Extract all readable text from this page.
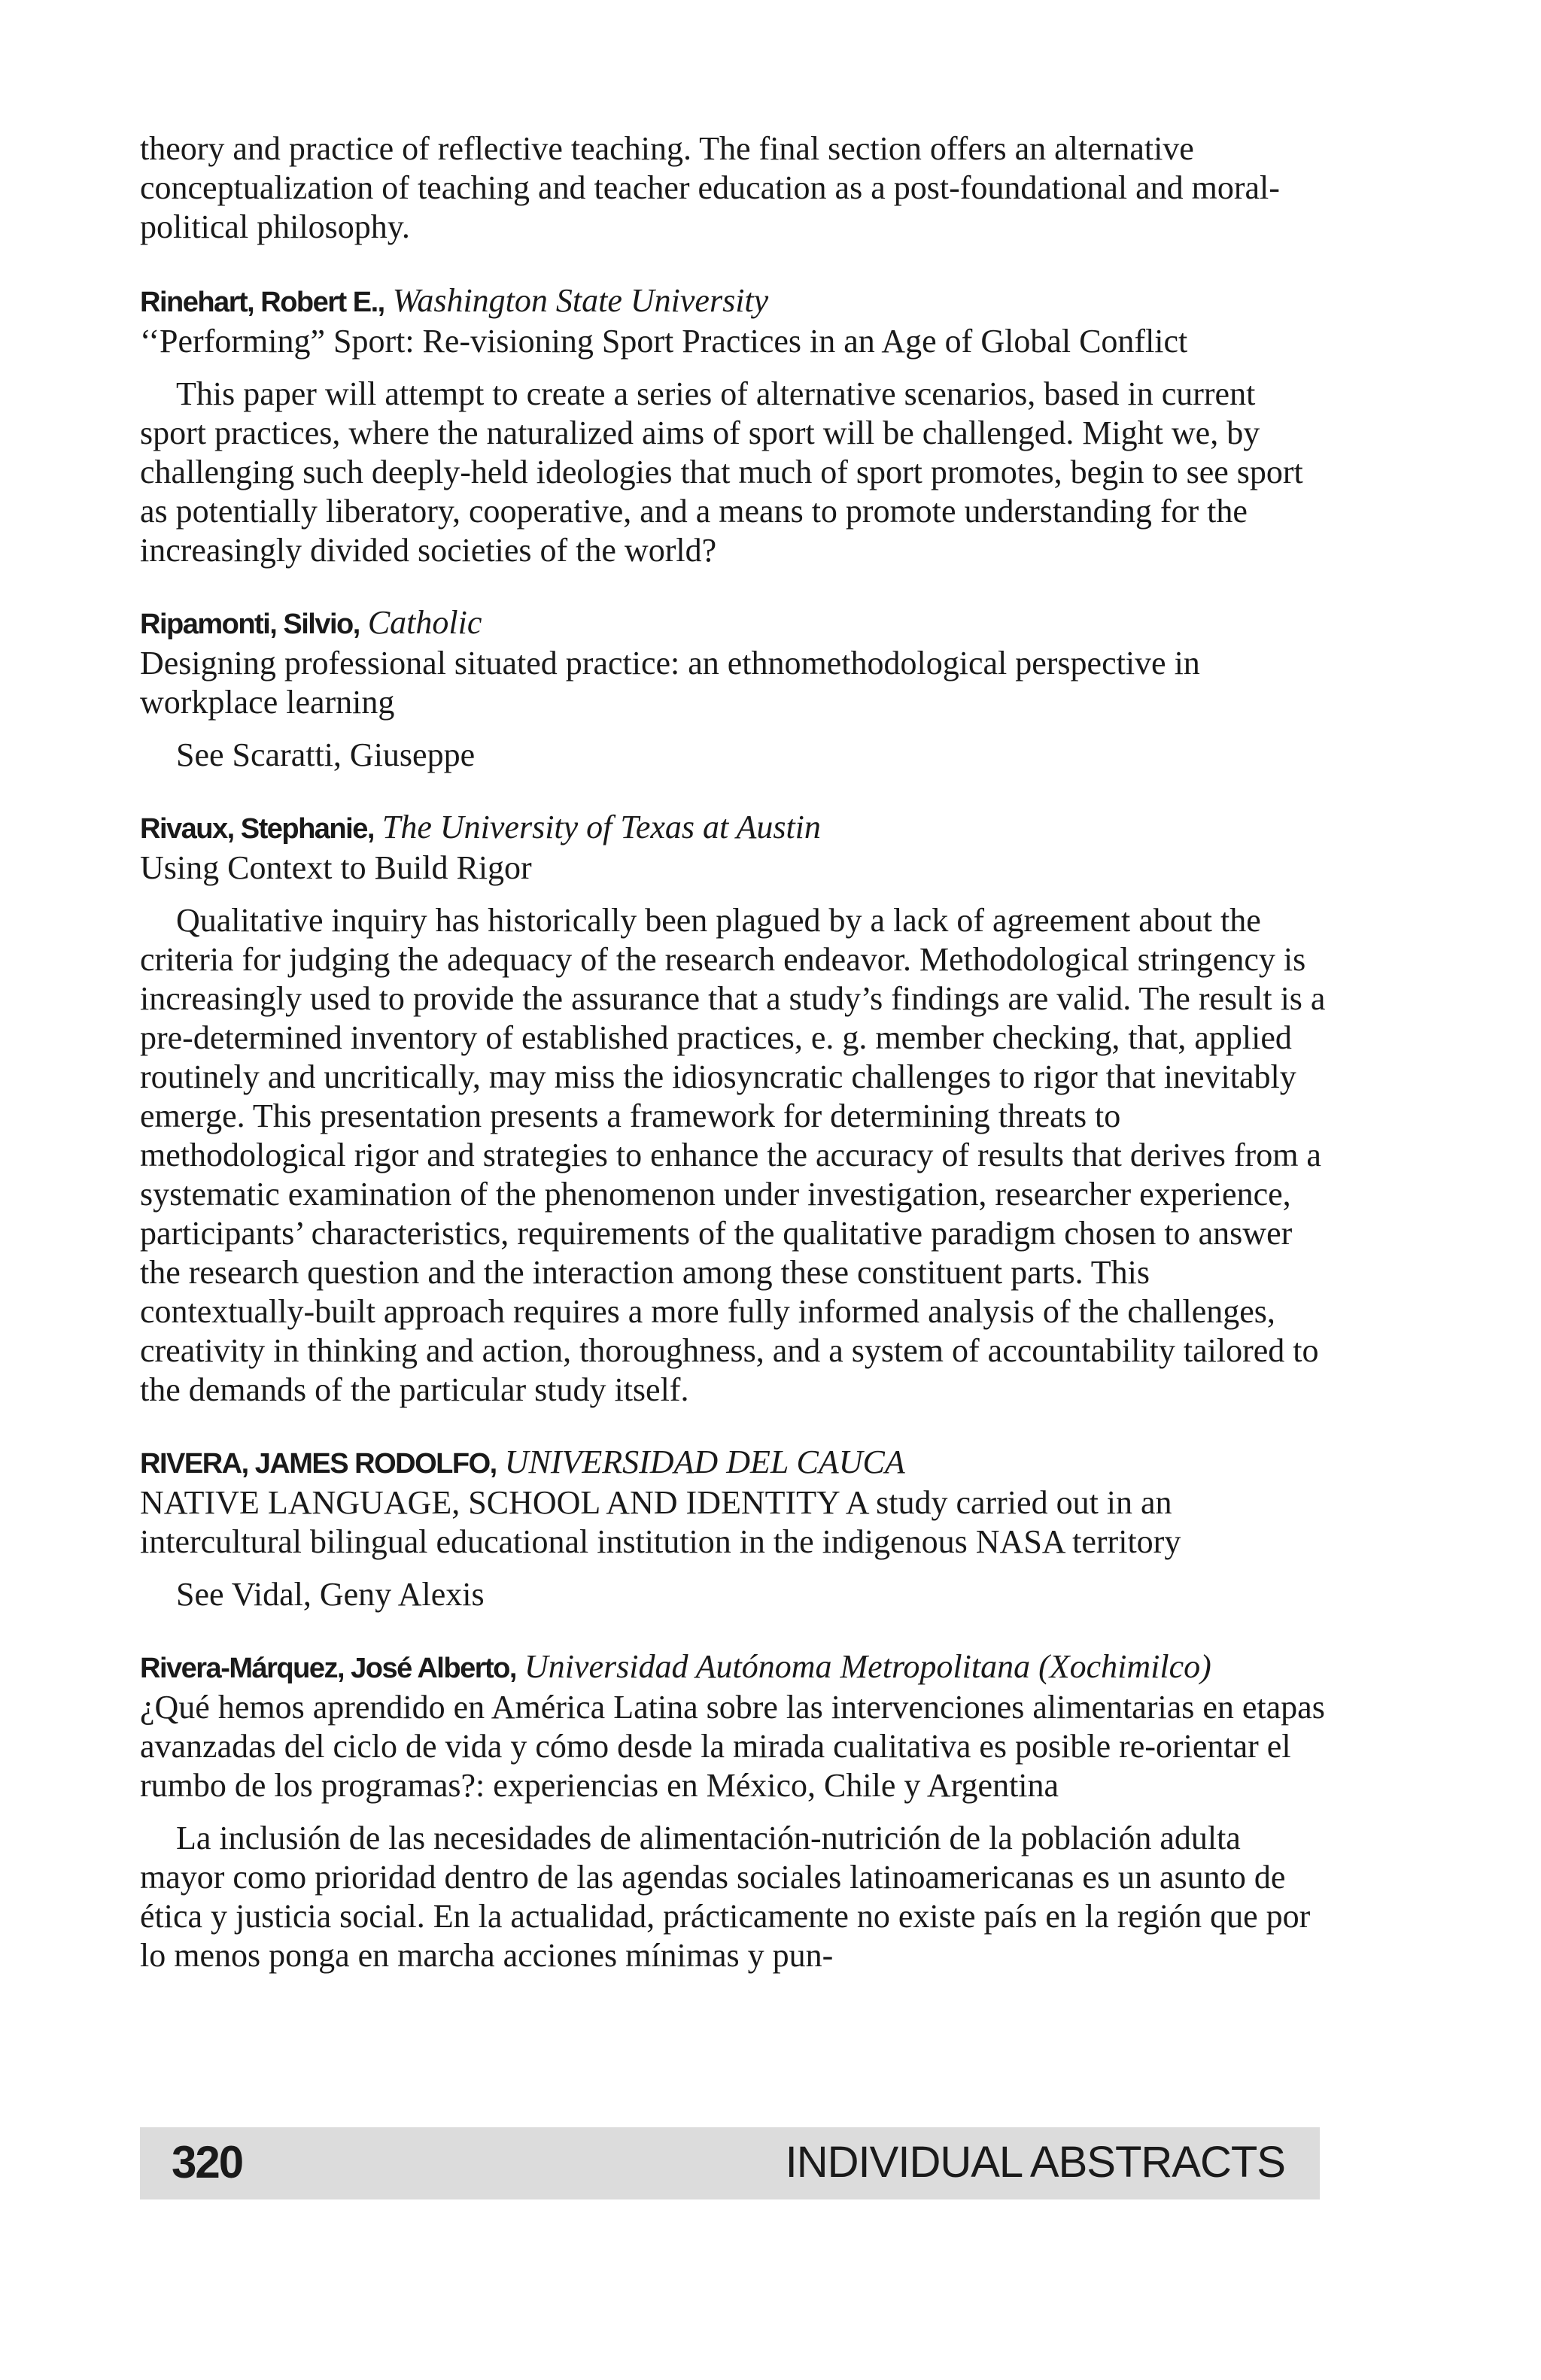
theory and practice of reflective teaching. The final section offers an alternative conceptualization of teaching and teacher education as a post-foundational and moral-political philosophy.

Rinehart, Robert E., Washington State University

‘‘Performing” Sport: Re-visioning Sport Practices in an Age of Global Conflict

This paper will attempt to create a series of alternative scenarios, based in current sport practices, where the naturalized aims of sport will be challenged. Might we, by challenging such deeply-held ideologies that much of sport promotes, begin to see sport as potentially liberatory, cooperative, and a means to promote understanding for the increasingly divided societies of the world?

Ripamonti, Silvio, Catholic

Designing professional situated practice: an ethnomethodological perspective in workplace learning

See Scaratti, Giuseppe

Rivaux, Stephanie, The University of Texas at Austin

Using Context to Build Rigor

Qualitative inquiry has historically been plagued by a lack of agreement about the criteria for judging the adequacy of the research endeavor. Methodological stringency is increasingly used to provide the assurance that a study’s findings are valid. The result is a pre-determined inventory of established practices, e. g. member checking, that, applied routinely and uncritically, may miss the idiosyncratic challenges to rigor that inevitably emerge. This presentation presents a framework for determining threats to methodological rigor and strategies to enhance the accuracy of results that derives from a systematic examination of the phenomenon under investigation, researcher experience, participants’ characteristics, requirements of the qualitative paradigm chosen to answer the research question and the interaction among these constituent parts. This contextually-built approach requires a more fully informed analysis of the challenges, creativity in thinking and action, thoroughness, and a system of accountability tailored to the demands of the particular study itself.

RIVERA, JAMES RODOLFO, UNIVERSIDAD DEL CAUCA

NATIVE LANGUAGE, SCHOOL AND IDENTITY A study carried out in an intercultural bilingual educational institution in the indigenous NASA territory

See Vidal, Geny Alexis

Rivera-Márquez, José Alberto, Universidad Autónoma Metropolitana (Xochimilco)

¿Qué hemos aprendido en América Latina sobre las intervenciones alimentarias en etapas avanzadas del ciclo de vida y cómo desde la mirada cualitativa es posible re-orientar el rumbo de los programas?: experiencias en México, Chile y Argentina

La inclusión de las necesidades de alimentación-nutrición de la población adulta mayor como prioridad dentro de las agendas sociales latinoamericanas es un asunto de ética y justicia social. En la actualidad, prácticamente no existe país en la región que por lo menos ponga en marcha acciones mínimas y pun-

320	INDIVIDUAL ABSTRACTS
